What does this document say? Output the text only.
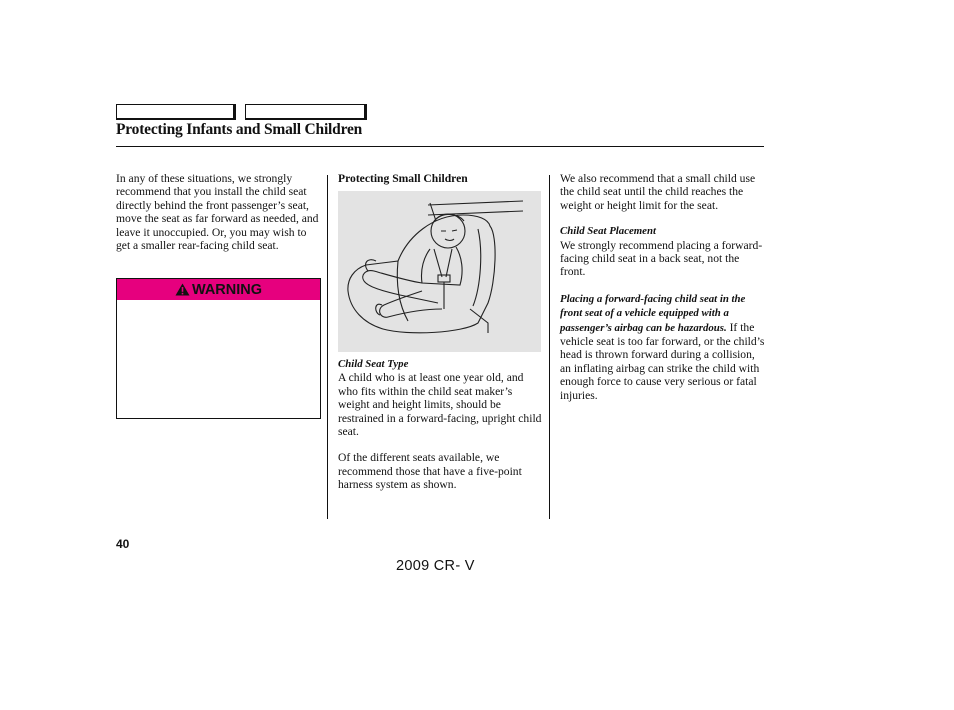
Protecting Infants and Small Children

In any of these situations, we strongly recommend that you install the child seat directly behind the front passenger’s seat, move the seat as far forward as needed, and leave it unoccupied. Or, you may wish to get a smaller rear-facing child seat.

WARNING

Protecting Small Children

Child Seat Type

A child who is at least one year old, and who fits within the child seat maker’s weight and height limits, should be restrained in a forward-facing, upright child seat.

Of the different seats available, we recommend those that have a five-point harness system as shown.

We also recommend that a small child use the child seat until the child reaches the weight or height limit for the seat.

Child Seat Placement

We strongly recommend placing a forward-facing child seat in a back seat, not the front.

Placing a forward-facing child seat in the front seat of a vehicle equipped with a passenger’s airbag can be hazardous. If the vehicle seat is too far forward, or the child’s head is thrown forward during a collision, an inflating airbag can strike the child with enough force to cause very serious or fatal injuries.

40
2009 CR- V
